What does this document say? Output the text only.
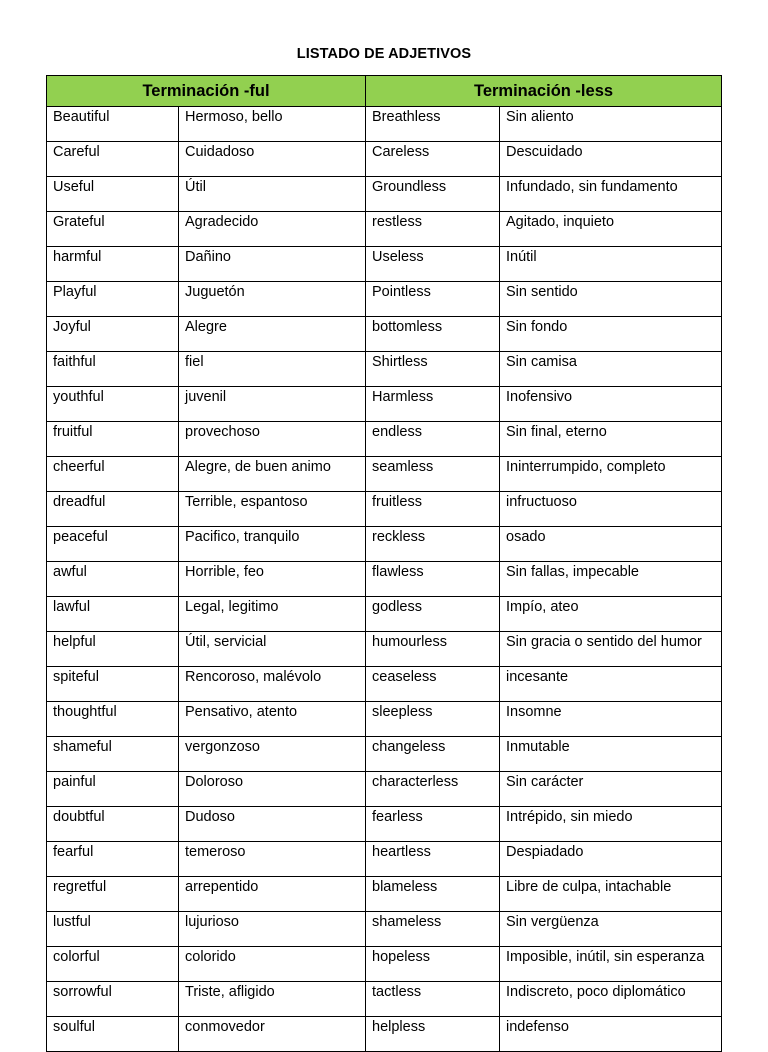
LISTADO DE ADJETIVOS
Terminación -ful		Terminación -less	

Beautiful	Hermoso, bello	Breathless	Sin aliento

Careful	Cuidadoso	Careless	Descuidado

Useful	Útil	Groundless	Infundado, sin fundamento

Grateful	Agradecido	restless	Agitado, inquieto

harmful	Dañino	Useless	Inútil

Playful	Juguetón	Pointless	Sin sentido

Joyful	Alegre	bottomless	Sin fondo

faithful	fiel	Shirtless	Sin camisa

youthful	juvenil	Harmless	Inofensivo

fruitful	provechoso	endless	Sin final, eterno

cheerful	Alegre, de buen animo	seamless	Ininterrumpido, completo

dreadful	Terrible, espantoso	fruitless	infructuoso

peaceful	Pacifico, tranquilo	reckless	osado

awful	Horrible, feo	flawless	Sin fallas, impecable

lawful	Legal, legitimo	godless	Impío, ateo

helpful	Útil, servicial	humourless	Sin gracia o sentido del humor

spiteful	Rencoroso, malévolo	ceaseless	incesante

thoughtful	Pensativo, atento	sleepless	Insomne

shameful	vergonzoso	changeless	Inmutable

painful	Doloroso	characterless	Sin carácter

doubtful	Dudoso	fearless	Intrépido, sin miedo

fearful	temeroso	heartless	Despiadado

regretful	arrepentido	blameless	Libre de culpa, intachable

lustful	lujurioso	shameless	Sin vergüenza

colorful	colorido	hopeless	Imposible, inútil, sin esperanza

sorrowful	Triste, afligido	tactless	Indiscreto, poco diplomático

soulful	conmovedor	helpless	indefenso
